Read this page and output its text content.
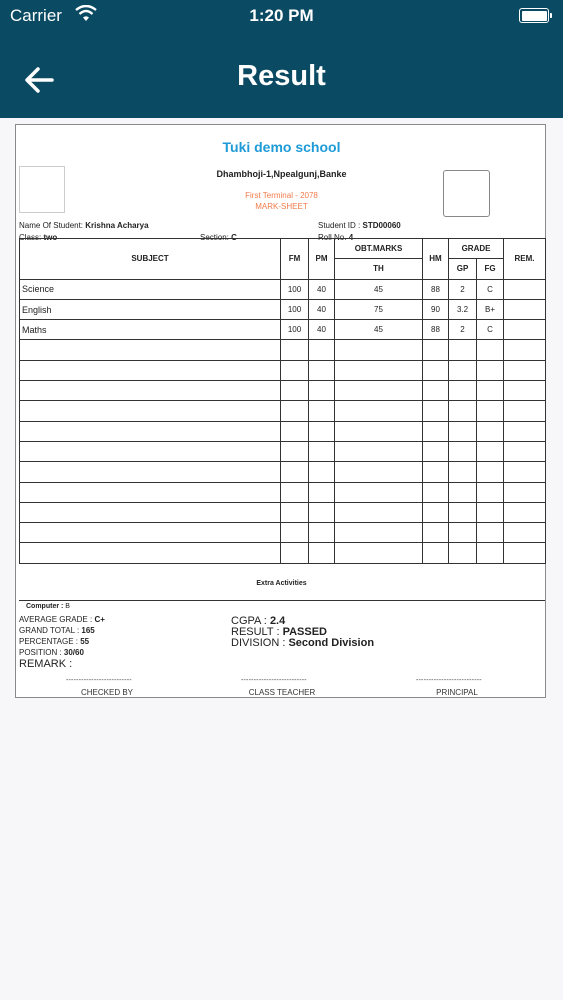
Carrier	1:20 PM
Result
Tuki demo school
Dhambhoji-1,Npealgunj,Banke
First Terminal - 2078
MARK-SHEET
Name Of Student: Krishna Acharya	Student ID : STD00060
Class: two	Section: C	Roll No. 4
SUBJECT	FM	PM	OBT.MARKS	HM	GRADE		REM.
			TH		GP	FG	
Science	100	40	45	88	2	C	
English	100	40	75	90	3.2	B+	
Maths	100	40	45	88	2	C	

Extra Activities
Computer : B
AVERAGE GRADE : C+
GRAND TOTAL : 165
PERCENTAGE : 55
POSITION : 30/60
REMARK :
CGPA : 2.4
RESULT : PASSED
DIVISION : Second Division
--------------------------	--------------------------	--------------------------
CHECKED BY	CLASS TEACHER	PRINCIPAL
